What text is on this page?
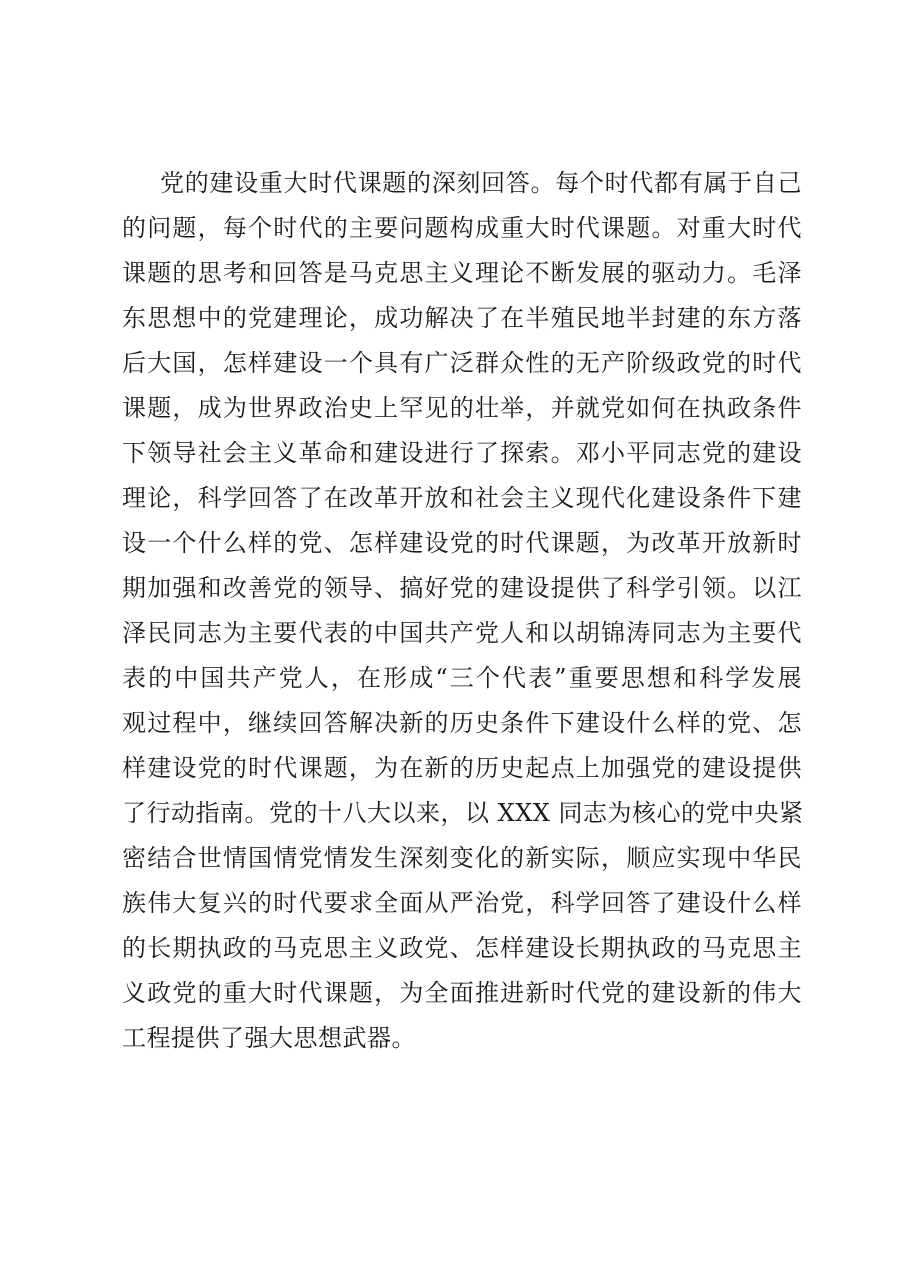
党的建设重大时代课题的深刻回答。每个时代都有属于自己
的问题，每个时代的主要问题构成重大时代课题。对重大时代
课题的思考和回答是马克思主义理论不断发展的驱动力。毛泽
东思想中的党建理论，成功解决了在半殖民地半封建的东方落
后大国，怎样建设一个具有广泛群众性的无产阶级政党的时代
课题，成为世界政治史上罕见的壮举，并就党如何在执政条件
下领导社会主义革命和建设进行了探索。邓小平同志党的建设
理论，科学回答了在改革开放和社会主义现代化建设条件下建
设一个什么样的党、怎样建设党的时代课题，为改革开放新时
期加强和改善党的领导、搞好党的建设提供了科学引领。以江
泽民同志为主要代表的中国共产党人和以胡锦涛同志为主要代
表的中国共产党人，在形成“三个代表”重要思想和科学发展
观过程中，继续回答解决新的历史条件下建设什么样的党、怎
样建设党的时代课题，为在新的历史起点上加强党的建设提供
了行动指南。党的十八大以来，以 XXX 同志为核心的党中央紧
密结合世情国情党情发生深刻变化的新实际，顺应实现中华民
族伟大复兴的时代要求全面从严治党，科学回答了建设什么样
的长期执政的马克思主义政党、怎样建设长期执政的马克思主
义政党的重大时代课题，为全面推进新时代党的建设新的伟大
工程提供了强大思想武器。
